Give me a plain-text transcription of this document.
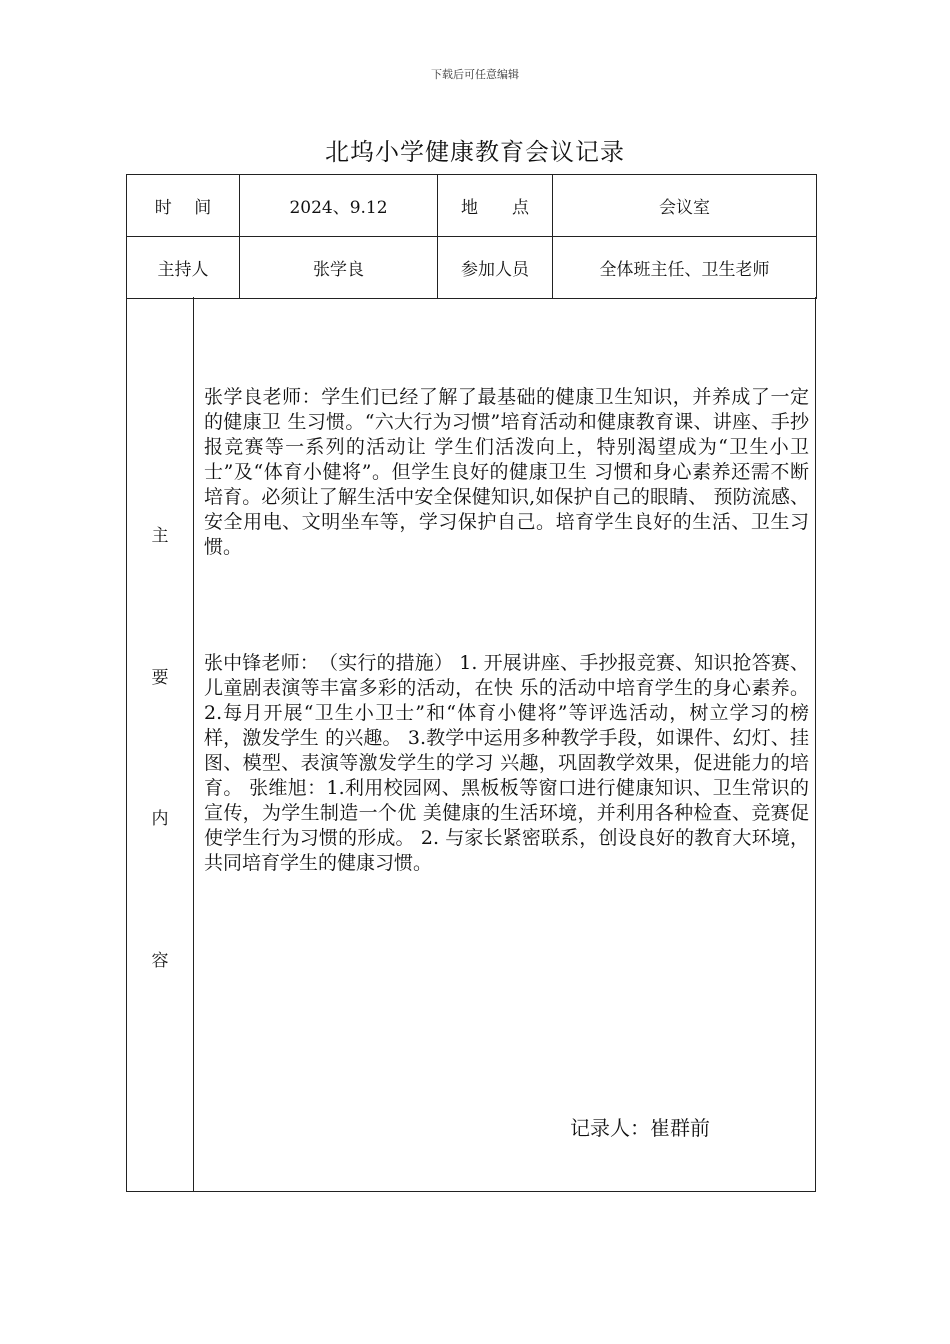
下载后可任意编辑
北坞小学健康教育会议记录
时　 间	2024、9.12	地　　点	会议室
主持人	张学良	参加人员	全体班主任、卫生老师
主
要
内
容
张学良老师：学生们已经了解了最基础的健康卫生知识，并养成了一定的健康卫 生习惯。“六大行为习惯”培育活动和健康教育课、讲座、手抄报竞赛等一系列的活动让 学生们活泼向上，特别渴望成为“卫生小卫士”及“体育小健将”。但学生良好的健康卫生 习惯和身心素养还需不断培育。必须让了解生活中安全保健知识,如保护自己的眼睛、 预防流感、安全用电、文明坐车等，学习保护自己。培育学生良好的生活、卫生习惯。
张中锋老师：　（实行的措施） 1. 开展讲座、手抄报竞赛、知识抢答赛、儿童剧表演等丰富多彩的活动，在快 乐的活动中培育学生的身心素养。 2.每月开展“卫生小卫士”和“体育小健将”等评选活动，树立学习的榜样，激发学生 的兴趣。 3.教学中运用多种教学手段，如课件、幻灯、挂图、模型、表演等激发学生的学习 兴趣，巩固教学效果，促进能力的培育。 张维旭：1.利用校园网、黑板板等窗口进行健康知识、卫生常识的宣传，为学生制造一个优 美健康的生活环境，并利用各种检查、竞赛促使学生行为习惯的形成。 2. 与家长紧密联系，创设良好的教育大环境，共同培育学生的健康习惯。
记录人：崔群前
